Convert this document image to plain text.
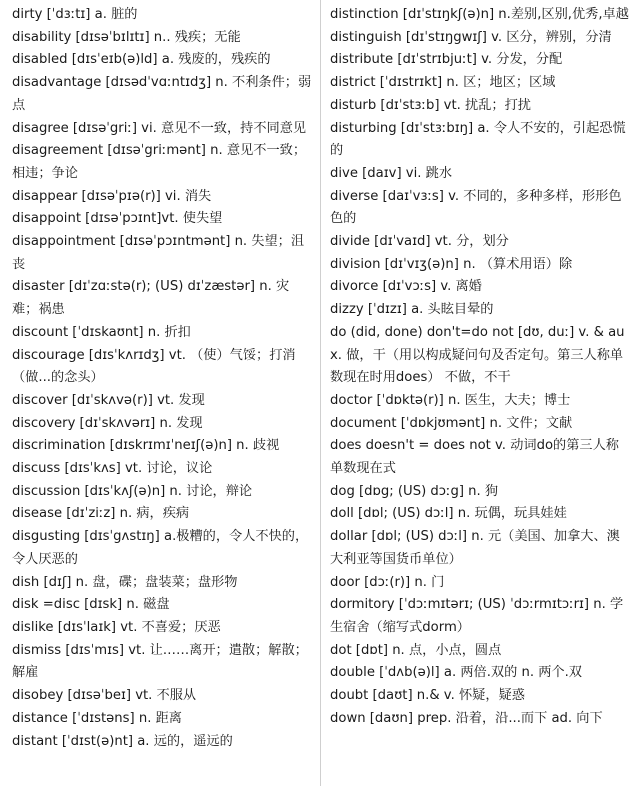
dirty [ˈdɜːtɪ] a. 脏的

disability [dɪsəˈbɪlɪtɪ] n.. 残疾；无能

disabled [dɪsˈeɪb(ə)ld] a. 残废的，残疾的

disadvantage [dɪsədˈvɑːntɪdʒ] n. 不利条件；弱点

disagree [dɪsəˈgriː] vi. 意见不一致，持不同意见

disagreement [dɪsəˈgriːmənt] n. 意见不一致；相违；争论

disappear [dɪsəˈpɪə(r)] vi. 消失

disappoint [dɪsəˈpɔɪnt]vt. 使失望

disappointment [dɪsəˈpɔɪntmənt] n. 失望；沮丧

disaster [dɪˈzɑːstə(r); (US) dɪˈzæstər] n. 灾难；祸患

discount [ˈdɪskaʊnt] n. 折扣

discourage [dɪsˈkʌrɪdʒ] vt. （使）气馁；打消（做...的念头）

discover [dɪˈskʌvə(r)] vt. 发现

discovery [dɪˈskʌvərɪ] n. 发现

discrimination [dɪskrɪmɪˈneɪʃ(ə)n] n. 歧视

discuss [dɪsˈkʌs] vt. 讨论，议论

discussion [dɪsˈkʌʃ(ə)n] n. 讨论，辩论

disease [dɪˈziːz] n. 病，疾病

disgusting [dɪsˈgʌstɪŋ] a.极糟的，令人不快的，令人厌恶的

dish [dɪʃ] n. 盘，碟；盘装菜；盘形物

disk =disc [dɪsk] n. 磁盘

dislike [dɪsˈlaɪk] vt. 不喜爱；厌恶

dismiss [dɪsˈmɪs] vt. 让……离开；遣散；解散；解雇

disobey [dɪsəˈbeɪ] vt. 不服从

distance [ˈdɪstəns] n. 距离

distant [ˈdɪst(ə)nt] a. 远的，遥远的

distinction [dɪˈstɪŋkʃ(ə)n] n.差别,区别,优秀,卓越

distinguish [dɪˈstɪŋgwɪʃ] v. 区分，辨别，分清

distribute [dɪˈstrɪbjuːt] v. 分发，分配

district [ˈdɪstrɪkt] n. 区；地区；区域

disturb [dɪˈstɜːb] vt. 扰乱；打扰

disturbing [dɪˈstɜːbɪŋ] a. 令人不安的，引起恐慌的

dive [daɪv] vi. 跳水

diverse [daɪˈvɜːs] v. 不同的，多种多样，形形色色的

divide [dɪˈvaɪd] vt. 分，划分

division [dɪˈvɪʒ(ə)n] n. （算术用语）除

divorce [dɪˈvɔːs] v. 离婚

dizzy [ˈdɪzɪ] a. 头眩目晕的

do (did, done) don't=do not [dʊ, duː] v. & aux. 做，干（用以构成疑问句及否定句。第三人称单数现在时用does） 不做，不干

doctor [ˈdɒktə(r)] n. 医生，大夫；博士

document [ˈdɒkjʊmənt] n. 文件；文献

does doesn't = does not v. 动词do的第三人称单数现在式

dog [dɒg; (US) dɔːg] n. 狗

doll [dɒl; (US) dɔːl] n. 玩偶，玩具娃娃

dollar [dɒl; (US) dɔːl] n. 元（美国、加拿大、澳大利亚等国货币单位）

door [dɔː(r)] n. 门

dormitory [ˈdɔːmɪtərɪ; (US) ˈdɔːrmɪtɔːrɪ] n. 学生宿舍（缩写式dorm）

dot [dɒt] n. 点，小点，圆点

double [ˈdʌb(ə)l] a. 两倍.双的 n. 两个.双

doubt [daʊt] n.& v. 怀疑，疑惑

down [daʊn] prep. 沿着，沿...而下 ad. 向下
